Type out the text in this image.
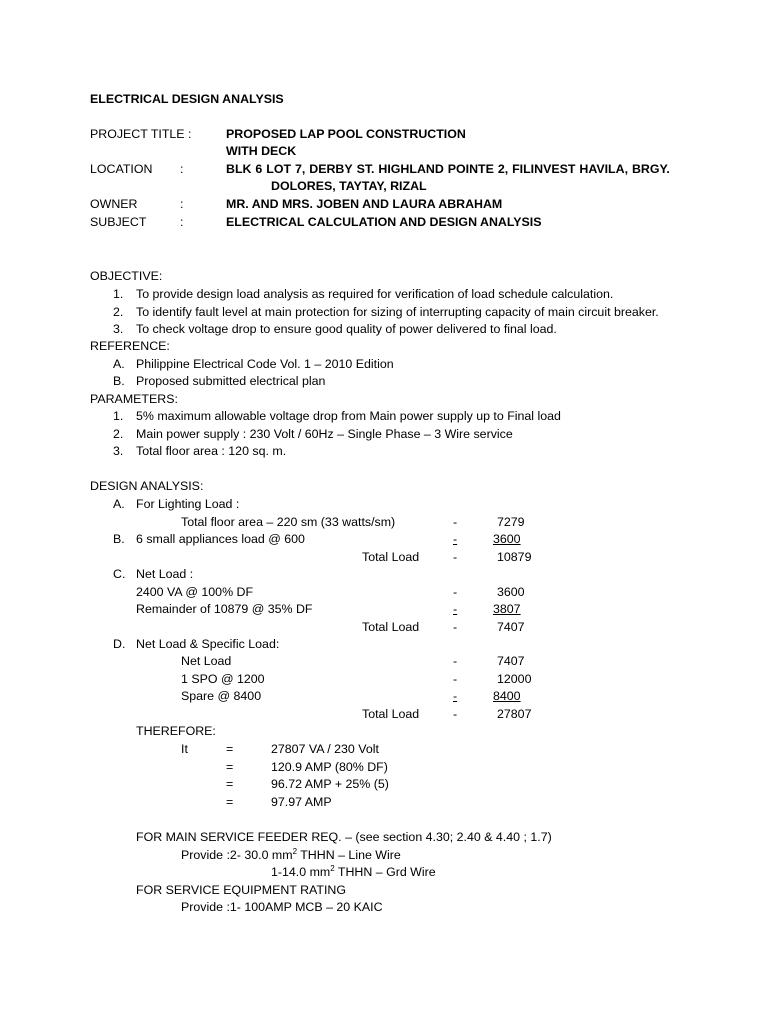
ELECTRICAL DESIGN ANALYSIS
PROJECT TITLE :	PROPOSED LAP POOL CONSTRUCTION
WITH DECK
LOCATION :	BLK 6 LOT 7, DERBY ST. HIGHLAND POINTE 2, FILINVEST HAVILA, BRGY.
DOLORES, TAYTAY, RIZAL
OWNER	:	MR. AND MRS. JOBEN AND LAURA ABRAHAM
SUBJECT	:	ELECTRICAL CALCULATION AND DESIGN ANALYSIS
OBJECTIVE:
1. To provide design load analysis as required for verification of load schedule calculation.
2. To identify fault level at main protection for sizing of interrupting capacity of main circuit breaker.
3. To check voltage drop to ensure good quality of power delivered to final load.
REFERENCE:
A. Philippine Electrical Code Vol. 1 – 2010 Edition
B. Proposed submitted electrical plan
PARAMETERS:
1. 5% maximum allowable voltage drop from Main power supply up to Final load
2. Main power supply : 230 Volt / 60Hz – Single Phase – 3 Wire service
3. Total floor area : 120 sq. m.
DESIGN ANALYSIS:
A. For Lighting Load :
Total floor area – 220 sm (33 watts/sm)	-	7279
B. 6 small appliances load @ 600	-	3600
Total Load	-	10879
C. Net Load :
2400 VA @ 100% DF	-	3600
Remainder of 10879 @ 35% DF	-	3807
Total Load	-	7407
D. Net Load & Specific Load:
Net Load	-	7407
1 SPO @ 1200	-	12000
Spare @ 8400	-	8400
Total Load	-	27807
THEREFORE:
It	=	27807 VA / 230 Volt
=	120.9 AMP (80% DF)
=	96.72 AMP + 25% (5)
=	97.97 AMP
FOR MAIN SERVICE FEEDER REQ. – (see section 4.30; 2.40 & 4.40 ; 1.7)
Provide :2- 30.0 $mm^2$ THHN – Line Wire
1-14.0 $mm^2$ THHN – Grd Wire
FOR SERVICE EQUIPMENT RATING
Provide :1- 100AMP MCB – 20 KAIC
